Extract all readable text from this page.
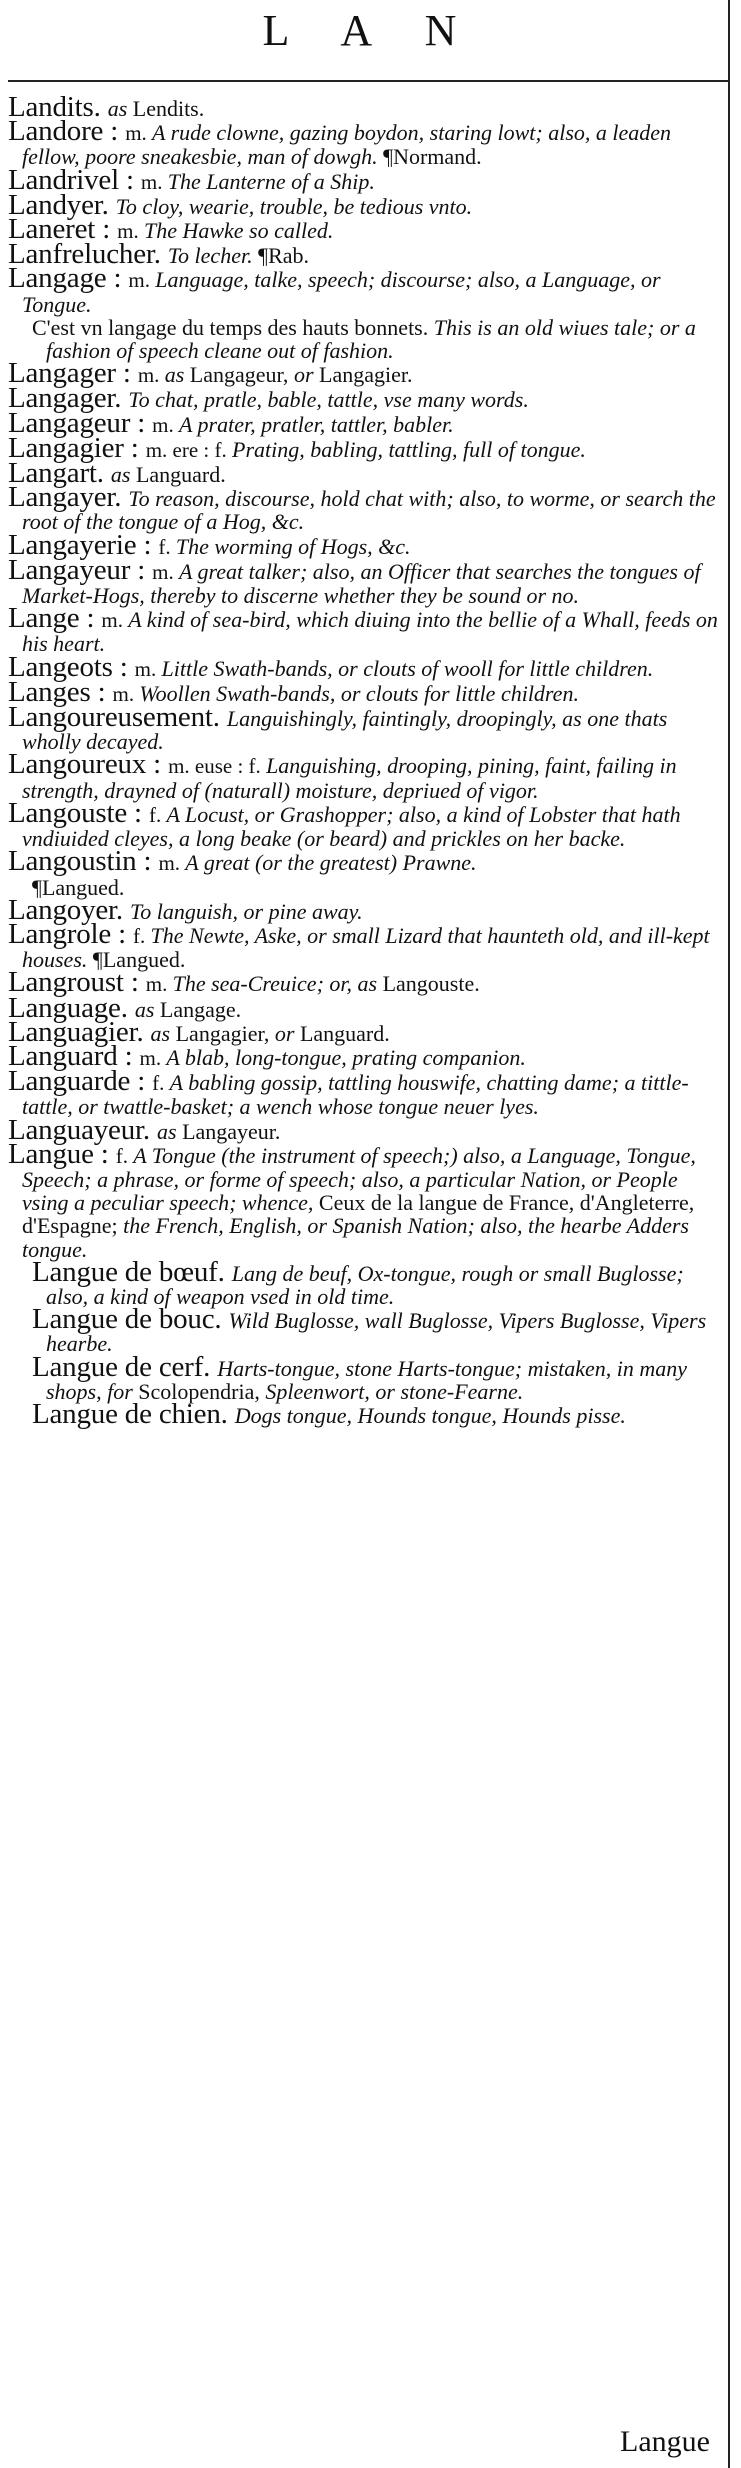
L A N

Landits. as Lendits.

Landore : m. A rude clowne, gazing boydon, staring lowt; also, a leaden fellow, poore sneakesbie, man of dowgh. ¶Normand.

Landrivel : m. The Lanterne of a Ship.

Landyer. To cloy, wearie, trouble, be tedious vnto.

Laneret : m. The Hawke so called.

Lanfrelucher. To lecher. ¶Rab.

Langage : m. Language, talke, speech; discourse; also, a Language, or Tongue.

C'est vn langage du temps des hauts bonnets. This is an old wiues tale; or a fashion of speech cleane out of fashion.

Langager : m. as Langageur, or Langagier.

Langager. To chat, pratle, bable, tattle, vse many words.

Langageur : m. A prater, pratler, tattler, babler.

Langagier : m. ere : f. Prating, babling, tattling, full of tongue.

Langart. as Languard.

Langayer. To reason, discourse, hold chat with; also, to worme, or search the root of the tongue of a Hog, &c.

Langayerie : f. The worming of Hogs, &c.

Langayeur : m. A great talker; also, an Officer that searches the tongues of Market-Hogs, thereby to discerne whether they be sound or no.

Lange : m. A kind of sea-bird, which diuing into the bellie of a Whall, feeds on his heart.

Langeots : m. Little Swath-bands, or clouts of wooll for little children.

Langes : m. Woollen Swath-bands, or clouts for little children.

Langoureusement. Languishingly, faintingly, droopingly, as one thats wholly decayed.

Langoureux : m. euse : f. Languishing, drooping, pining, faint, failing in strength, drayned of (naturall) moisture, depriued of vigor.

Langouste : f. A Locust, or Grashopper; also, a kind of Lobster that hath vndiuided cleyes, a long beake (or beard) and prickles on her backe.

Langoustin : m. A great (or the greatest) Prawne.

¶Langued.

Langoyer. To languish, or pine away.

Langrole : f. The Newte, Aske, or small Lizard that haunteth old, and ill-kept houses. ¶Langued.

Langroust : m. The sea-Creuice; or, as Langouste.

Language. as Langage.

Languagier. as Langagier, or Languard.

Languard : m. A blab, long-tongue, prating companion.

Languarde : f. A babling gossip, tattling houswife, chatting dame; a tittle-tattle, or twattle-basket; a wench whose tongue neuer lyes.

Languayeur. as Langayeur.

Langue : f. A Tongue (the instrument of speech;) also, a Language, Tongue, Speech; a phrase, or forme of speech; also, a particular Nation, or People vsing a peculiar speech; whence, Ceux de la langue de France, d'Angleterre, d'Espagne; the French, English, or Spanish Nation; also, the hearbe Adders tongue.

Langue de bœuf. Lang de beuf, Ox-tongue, rough or small Buglosse; also, a kind of weapon vsed in old time.

Langue de bouc. Wild Buglosse, wall Buglosse, Vipers Buglosse, Vipers hearbe.

Langue de cerf. Harts-tongue, stone Harts-tongue; mistaken, in many shops, for Scolopendria, Spleenwort, or stone-Fearne.

Langue de chien. Dogs tongue, Hounds tongue, Hounds pisse.

Langue
